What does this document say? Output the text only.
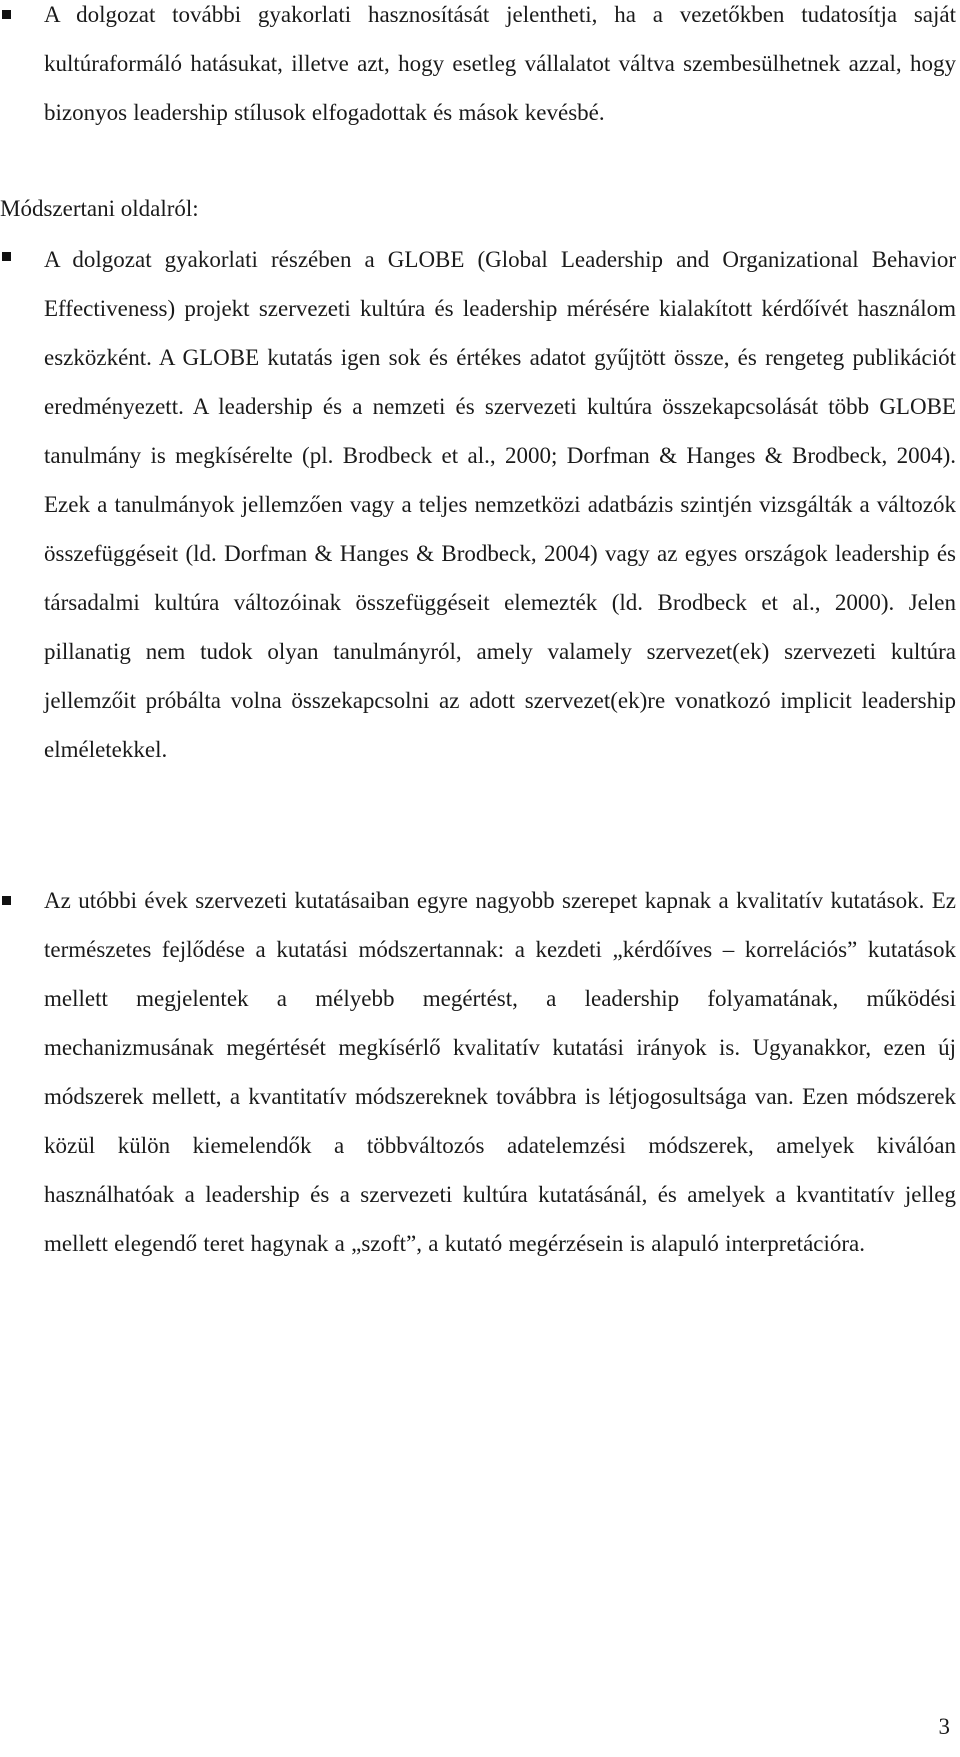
A dolgozat további gyakorlati hasznosítását jelentheti, ha a vezetőkben tudatosítja saját kultúraformáló hatásukat, illetve azt, hogy esetleg vállalatot váltva szembesülhetnek azzal, hogy bizonyos leadership stílusok elfogadottak és mások kevésbé.

Módszertani oldalról:

A dolgozat gyakorlati részében a GLOBE (Global Leadership and Organizational Behavior Effectiveness) projekt szervezeti kultúra és leadership mérésére kialakított kérdőívét használom eszközként. A GLOBE kutatás igen sok és értékes adatot gyűjtött össze, és rengeteg publikációt eredményezett. A leadership és a nemzeti és szervezeti kultúra összekapcsolását több GLOBE tanulmány is megkísérelte (pl. Brodbeck et al., 2000; Dorfman & Hanges & Brodbeck, 2004). Ezek a tanulmányok jellemzően vagy a teljes nemzetközi adatbázis szintjén vizsgálták a változók összefüggéseit (ld. Dorfman & Hanges & Brodbeck, 2004) vagy az egyes országok leadership és társadalmi kultúra változóinak összefüggéseit elemezték (ld. Brodbeck et al., 2000). Jelen pillanatig nem tudok olyan tanulmányról, amely valamely szervezet(ek) szervezeti kultúra jellemzőit próbálta volna összekapcsolni az adott szervezet(ek)re vonatkozó implicit leadership elméletekkel.

Az utóbbi évek szervezeti kutatásaiban egyre nagyobb szerepet kapnak a kvalitatív kutatások. Ez természetes fejlődése a kutatási módszertannak: a kezdeti „kérdőíves – korrelációs” kutatások mellett megjelentek a mélyebb megértést, a leadership folyamatának, működési mechanizmusának megértését megkísérlő kvalitatív kutatási irányok is. Ugyanakkor, ezen új módszerek mellett, a kvantitatív módszereknek továbbra is létjogosultsága van. Ezen módszerek közül külön kiemelendők a többváltozós adatelemzési módszerek, amelyek kiválóan használhatóak a leadership és a szervezeti kultúra kutatásánál, és amelyek a kvantitatív jelleg mellett elegendő teret hagynak a „szoft”, a kutató megérzésein is alapuló interpretációra.

3
